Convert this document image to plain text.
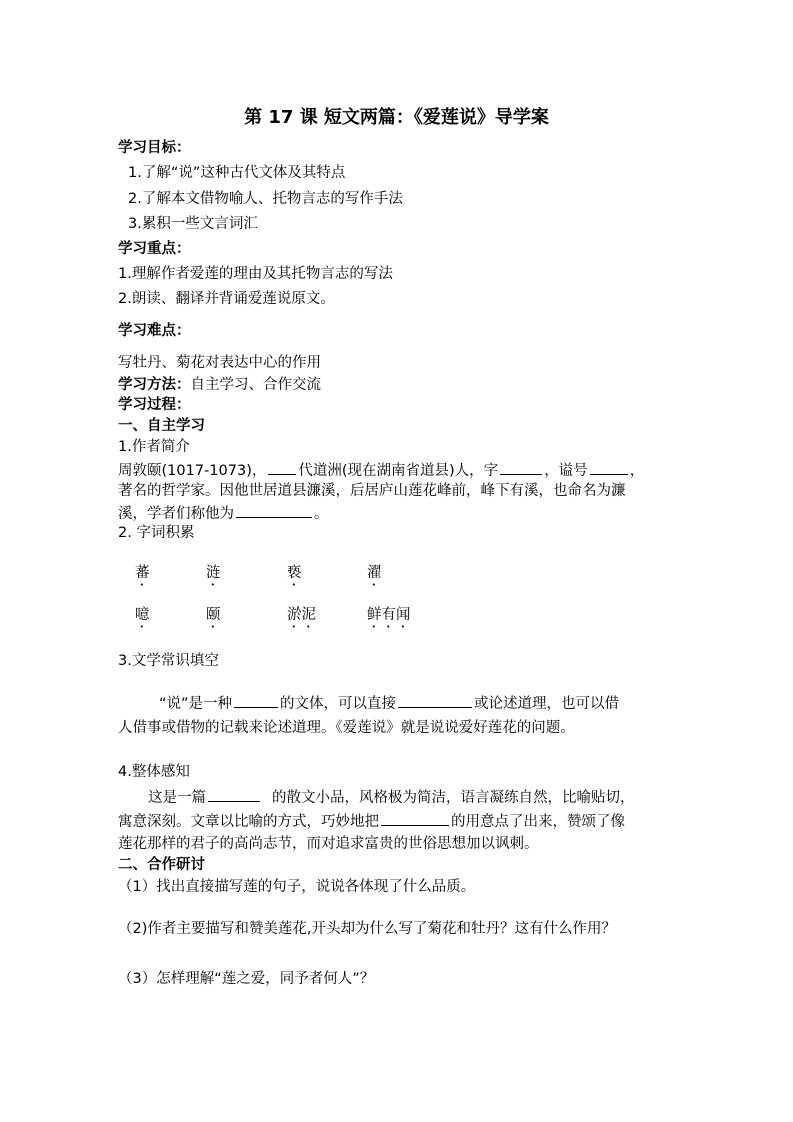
第 17 课 短文两篇：《爱莲说》导学案
学习目标：
1.了解“说”这种古代文体及其特点
2.了解本文借物喻人、托物言志的写作手法
3.累积一些文言词汇
学习重点：
1.理解作者爱莲的理由及其托物言志的写法
2.朗读、翻译并背诵爱莲说原文。
学习难点：
写牡丹、菊花对表达中心的作用
学习方法：自主学习、合作交流
学习过程：
一、自主学习
1.作者简介
周敦颐(1017-1073)， 代道洲(现在湖南省道县)人，字	，谥号	，
著名的哲学家。因他世居道县濂溪，后居庐山莲花峰前，峰下有溪，也命名为濂
溪，学者们称他为	。
2. 字词积累
蕃	涟	亵	濯
噫	颐	淤泥	鲜有闻
3.文学常识填空
“说”是一种	的文体，可以直接	或论述道理，也可以借
人借事或借物的记载来论述道理。《爱莲说》就是说说爱好莲花的问题。
4.整体感知
这是一篇	的散文小品，风格极为简洁，语言凝练自然，比喻贴切，
寓意深刻。文章以比喻的方式，巧妙地把	的用意点了出来，赞颂了像
莲花那样的君子的高尚志节，而对追求富贵的世俗思想加以讽刺。
二、合作研讨
（1）找出直接描写莲的句子，说说各体现了什么品质。
（2)作者主要描写和赞美莲花,开头却为什么写了菊花和牡丹？这有什么作用？
（3）怎样理解“莲之爱，同予者何人”？
